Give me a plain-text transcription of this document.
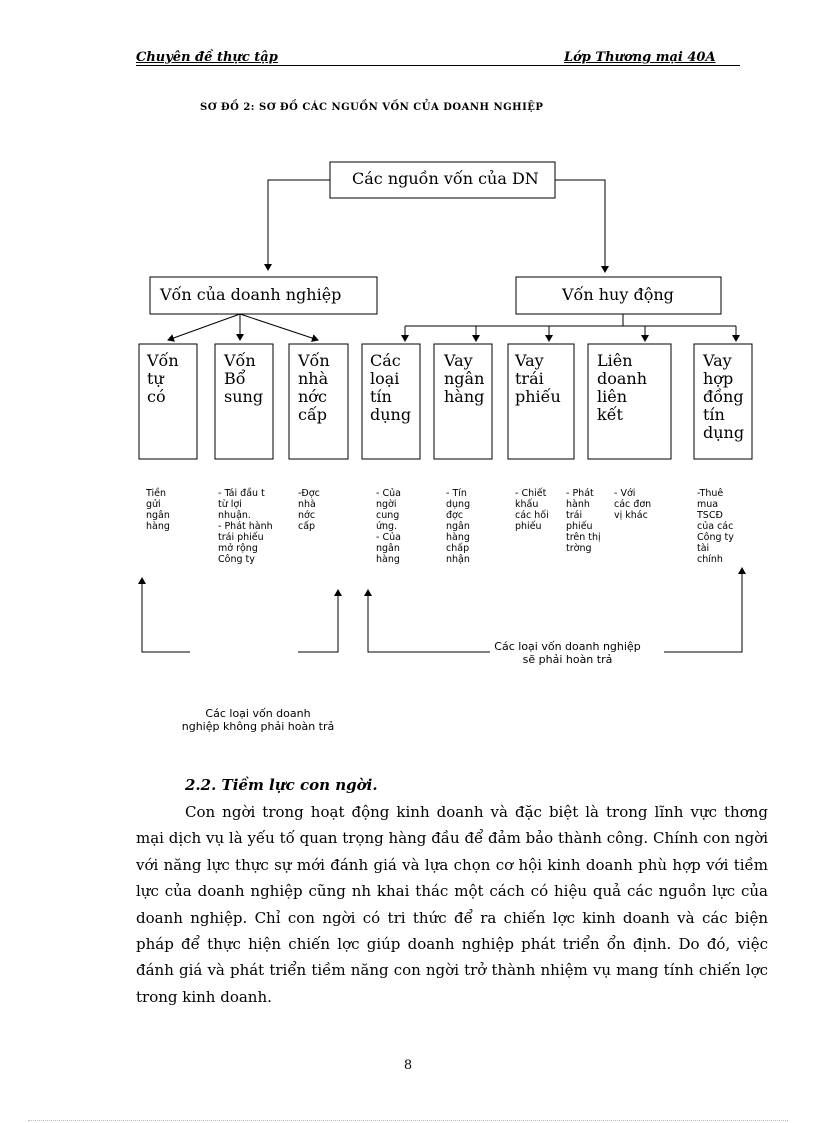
Chuyên đề thực tập	Lớp Thương mại 40A
SƠ ĐỒ 2: SƠ ĐỒ CÁC NGUỒN VỐN CỦA DOANH NGHIỆP
Các nguồn vốn của DN
Vốn của doanh nghiệp	Vốn huy động
Vốn
tự
có
Vốn
Bổ
sung
Vốn
nhà
nớc
cấp
Các
loại
tín
dụng
Vay
ngân
hàng
Vay
trái
phiếu
Liên
doanh
liên
kết
Vay
hợp
đồng
tín
dụng
Tiền
gửi
ngân
hàng
- Tái đầu t
từ lợi
nhuận.
- Phát hành
trái phiếu
mở rộng
Công ty
-Đợc
nhà
nớc
cấp
- Của
ngời
cung
ứng.
- Của
ngân
hàng
- Tín
dụng
đợc
ngân
hàng
chấp
nhận
- Chiết
khấu
các hối
phiếu
- Phát
hành
trái
phiếu
trên thị
trờng
- Với
các đơn
vị khác
-Thuê
mua
TSCĐ
của các
Công ty
tài
chính
Các loại vốn doanh nghiệp
sẽ phải hoàn trả
Các loại vốn doanh
nghiệp không phải hoàn trả
2.2. Tiềm lực con ngời.
Con ngời trong hoạt động kinh doanh và đặc biệt là trong lĩnh vực thơng mại dịch vụ là yếu tố quan trọng hàng đầu để đảm bảo thành công. Chính con ngời với năng lực thực sự mới đánh giá và lựa chọn cơ hội kinh doanh phù hợp với tiềm lực của doanh nghiệp cũng nh khai thác một cách có hiệu quả các nguồn lực của doanh nghiệp. Chỉ con ngời có tri thức để ra chiến lợc kinh doanh và các biện pháp để thực hiện chiến lợc giúp doanh nghiệp phát triển ổn định. Do đó, việc đánh giá và phát triển tiềm năng con ngời trở thành nhiệm vụ mang tính chiến lợc trong kinh doanh.
8
